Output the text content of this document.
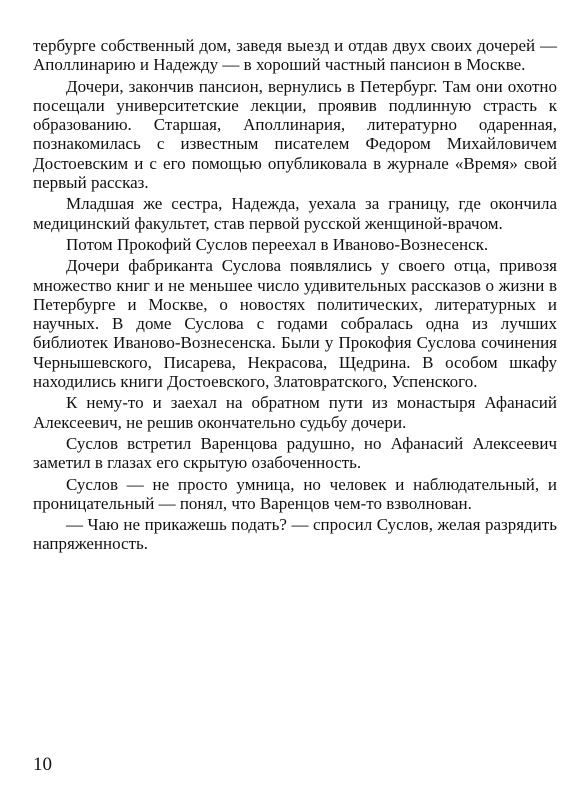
тербурге собственный дом, заведя выезд и отдав двух своих дочерей — Аполлинарию и Надежду — в хороший частный пансион в Москве.

Дочери, закончив пансион, вернулись в Петербург. Там они охотно посещали университетские лекции, проявив подлинную страсть к образованию. Старшая, Аполлинария, литературно одаренная, познакомилась с известным писателем Федором Михайловичем Достоевским и с его помощью опубликовала в журнале «Время» свой первый рассказ.

Младшая же сестра, Надежда, уехала за границу, где окончила медицинский факультет, став первой русской женщиной-врачом.

Потом Прокофий Суслов переехал в Иваново-Вознесенск.

Дочери фабриканта Суслова появлялись у своего отца, привозя множество книг и не меньшее число удивительных рассказов о жизни в Петербурге и Москве, о новостях политических, литературных и научных. В доме Суслова с годами собралась одна из лучших библиотек Иваново-Вознесенска. Были у Прокофия Суслова сочинения Чернышевского, Писарева, Некрасова, Щедрина. В особом шкафу находились книги Достоевского, Златовратского, Успенского.

К нему-то и заехал на обратном пути из монастыря Афанасий Алексеевич, не решив окончательно судьбу дочери.

Суслов встретил Варенцова радушно, но Афанасий Алексеевич заметил в глазах его скрытую озабоченность.

Суслов — не просто умница, но человек и наблюдательный, и проницательный — понял, что Варенцов чем-то взволнован.

— Чаю не прикажешь подать? — спросил Суслов, желая разрядить напряженность.

10
